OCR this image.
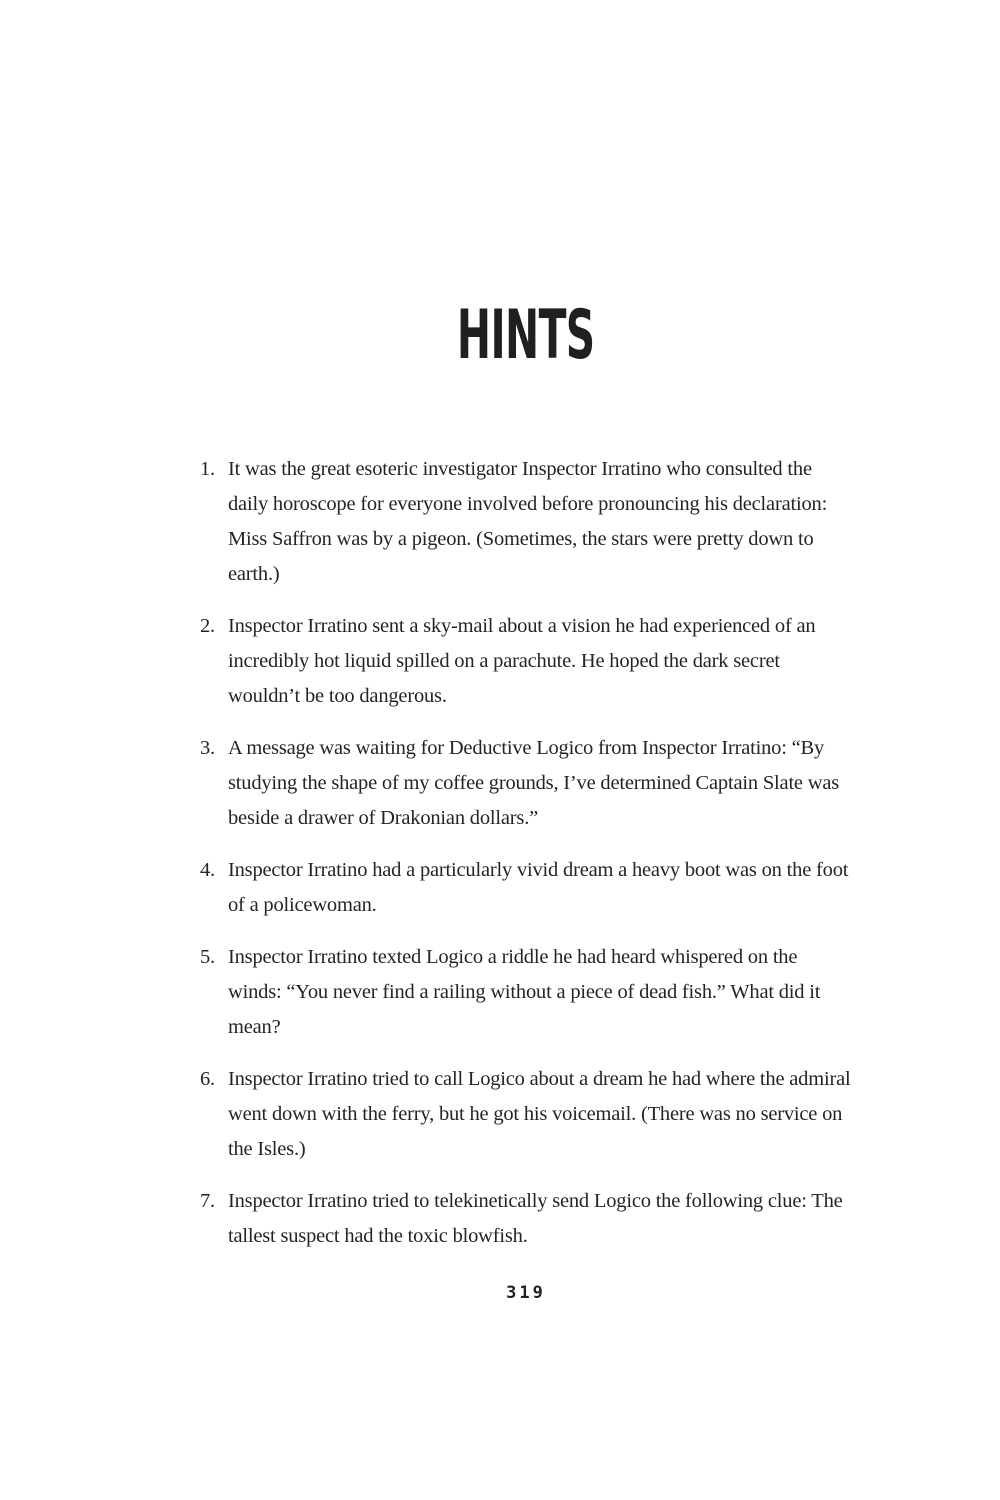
HINTS
1. It was the great esoteric investigator Inspector Irratino who consulted the daily horoscope for everyone involved before pronouncing his declaration: Miss Saffron was by a pigeon. (Sometimes, the stars were pretty down to earth.)
2. Inspector Irratino sent a sky-mail about a vision he had experienced of an incredibly hot liquid spilled on a parachute. He hoped the dark secret wouldn’t be too dangerous.
3. A message was waiting for Deductive Logico from Inspector Irratino: “By studying the shape of my coffee grounds, I’ve determined Captain Slate was beside a drawer of Drakonian dollars.”
4. Inspector Irratino had a particularly vivid dream a heavy boot was on the foot of a policewoman.
5. Inspector Irratino texted Logico a riddle he had heard whispered on the winds: “You never find a railing without a piece of dead fish.” What did it mean?
6. Inspector Irratino tried to call Logico about a dream he had where the admiral went down with the ferry, but he got his voicemail. (There was no service on the Isles.)
7. Inspector Irratino tried to telekinetically send Logico the following clue: The tallest suspect had the toxic blowfish.
319
